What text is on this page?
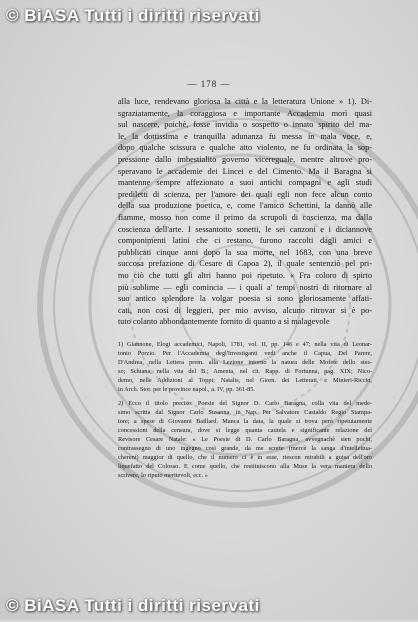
© BiASA Tutti i diritti riservati
— 178 —
alla luce, rendevano gloriosa la città e la letteratura Unione » 1). Di-
sgraziatamente, la coraggiosa e importante Accademia morì quasi
sul nascere, poichè, fosse invidia o sospetto o innato spirito del ma-
le, la dottissima e tranquilla adunanza fu messa in mala voce, e,
dopo qualche scissura e qualche atto violento, ne fu ordinata la sop-
pressione dallo imbestialito governo vicereguale, mentre altrove pro-
speravano le accademie dei Lincei e del Cimento. Ma il Baragna si
mantenne sempre affezionato a suoi antichi compagni e agli studi
prediletti di scienza, per l'amore dei quali egli non fece alcun conto
della sua produzione poetica, e, come l'amico Schettini, la dannò alle
fiamme, mosso non come il primo da scrupoli di coscienza, ma dalla
coscienza dell'arte. I sessantotto sonetti, le sei canzoni e i diciannove
componimenti latini che ci restano, furono raccolti dagli amici e
pubblicati cinque anni dopo la sua morte, nel 1683, con una breve
succosa prefazione di Cesare di Capoa 2), il quale sentenziò pel pri-
mo ciò che tutti gli altri hanno poi ripetuto. « Fra coloro di spirto
più sublime — egli comincia — i quali a' tempi nostri di ritornare al
suo antico splendore la volgar poesia si sono gloriosamente affati-
cati, non così di leggieri, per mio avviso, alcuno ritrovar si è po-
tuto colanto abbondantemente fornito di quanto a sì malagevole
1) Giannone, Elogi accademici, Napoli, 1781, vol. II, pp. 146 e 47; nella vita di Leonar-
tonio Porzio. Per l'Accademia degl'Investiganti vedi anche il Capua, Del Parere,
D'Andrea, nella Lettera prem. alla Lezione intorno la natura delle Mofete dello stes-
so; Schiana, nella vita del B.; Amenta, nel cit. Rapp. di Fortunna, pag. XIX; Nico-
demo, nelle Addizioni al Toppi; Natalis, nel Giorn. dei Letterati, e Minieri-Riccio,
in Arch. Stor. per le province napol., a. IV, pp. 361-85.
2) Ecco il titolo preciso: Poesie del Signor D. Carlo Baragna, colla vita del mede-
simo scritta dal Signor Carlo Susanna, in Nap. Per Salvatore Castaldo Regio Stampa-
tore; a spese di Giovanni Baillard. Manca la data, la quale si trova però ripetutamente
concessioni della censura, dove si legge quanta cautela e significante relazione del
Revisore Cesare Natale: « Le Poesie di D. Carlo Baragna, avvegnachè sien pochi,
contrassegno di uno ingegno così grande, da me scorte (mercè la sanga d'intellettua-
cherent) maggior di quello, che il numero ci è in esse, riescon mirabili a guisa dell'oro
liquefatto del Colosso. E come quello, che restituiscono alla Muse la vera maniera dello
scrivere, lo riputo meritevoli, ecc. »
© BiASA Tutti i diritti riservati
